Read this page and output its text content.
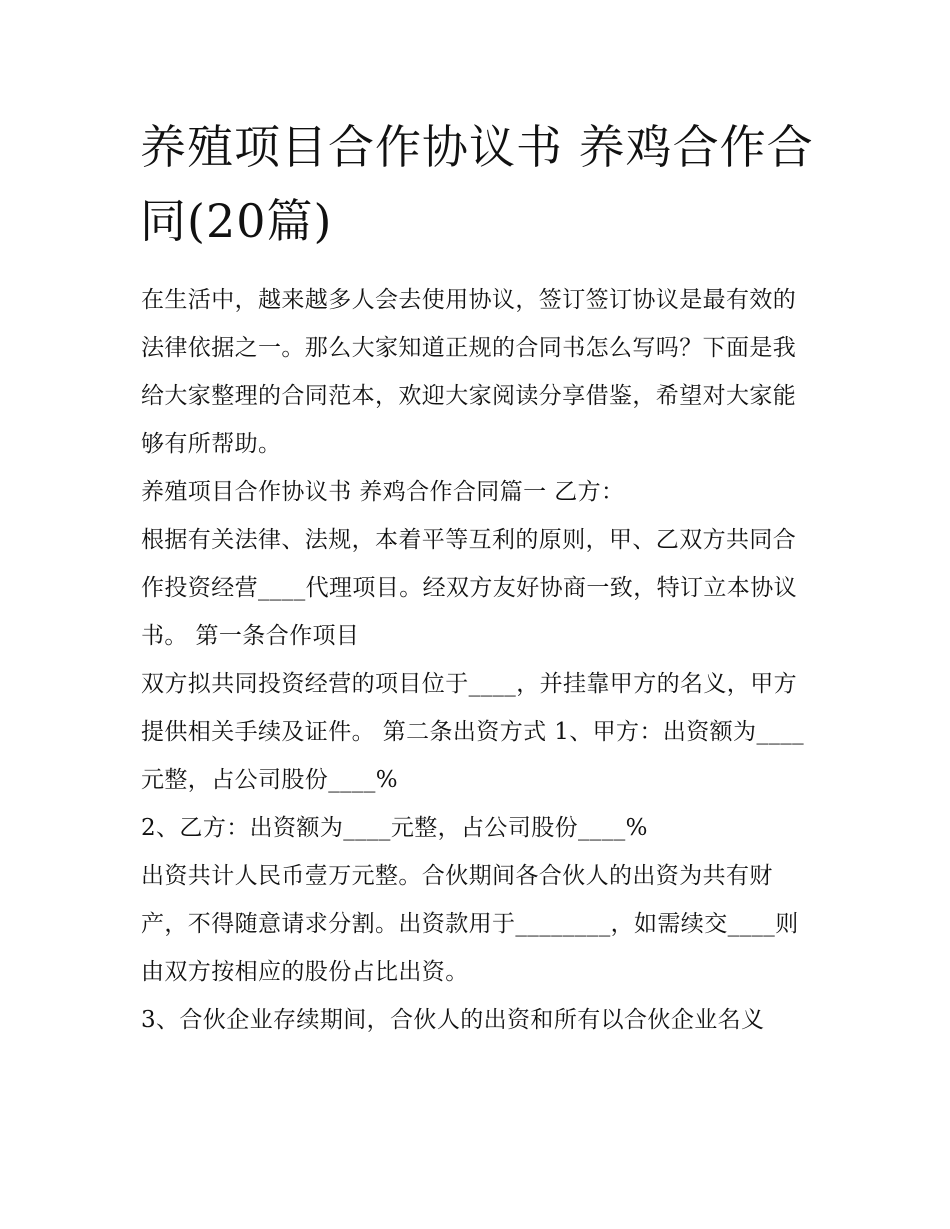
养殖项目合作协议书 养鸡合作合同(20篇)

在生活中，越来越多人会去使用协议，签订签订协议是最有效的法律依据之一。那么大家知道正规的合同书怎么写吗？下面是我给大家整理的合同范本，欢迎大家阅读分享借鉴，希望对大家能够有所帮助。

养殖项目合作协议书 养鸡合作合同篇一 乙方：

根据有关法律、法规，本着平等互利的原则，甲、乙双方共同合作投资经营____代理项目。经双方友好协商一致，特订立本协议书。 第一条合作项目

双方拟共同投资经营的项目位于____，并挂靠甲方的名义，甲方提供相关手续及证件。 第二条出资方式 1、甲方：出资额为____元整，占公司股份____%

2、乙方：出资额为____元整，占公司股份____%

出资共计人民币壹万元整。合伙期间各合伙人的出资为共有财产，不得随意请求分割。出资款用于________，如需续交____则由双方按相应的股份占比出资。

3、合伙企业存续期间，合伙人的出资和所有以合伙企业名义
